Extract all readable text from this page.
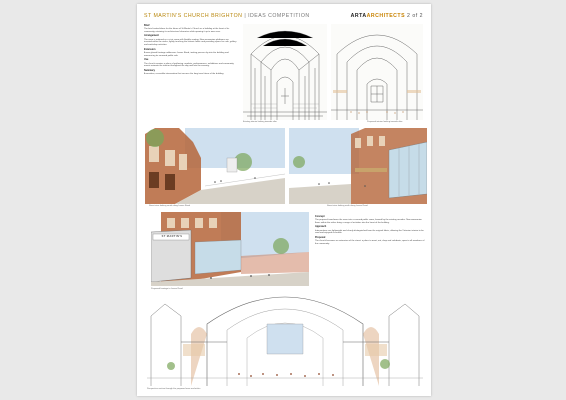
ST MARTIN'S CHURCH BRIGHTON | IDEAS COMPETITION	ARTAARCHITECTS 2 of 2
Brief

The brief invited ideas for the future of St Martin's Church as a building at the heart of its community, retaining its architectural character while opening it up to new uses.

Arrangement

The nave is retained as a civic room with flexible seating. New mezzanine platforms are inserted within the aisles, lightly touching the historic fabric and providing space for cafe, gallery and workshop activities.

Extension

A new glazed frontage addresses Lewes Road, inviting passers-by into the building and announcing its renewed public role.

Use

The church remains a place of gathering: markets, performances, exhibitions and community events animate the interior throughout the day and into the evening.

Summary

A sensitive, reversible intervention that secures the long term future of the building.

Existing interior looking towards altar	Proposed interior looking towards altar
Street view looking south along Lewes Road	Street view looking north along Lewes Road
ST MARTIN'S
Proposed frontage to Lewes Road
Concept

The proposal transforms the nave into a covered public room, framed by the existing arcades. New mezzanine floors within the aisles bring a range of activities into the heart of the building.

Approach

Interventions are lightweight and clearly distinguished from the original fabric, allowing the Victorian interior to be read and enjoyed as before.

Proposal

The church becomes an extension of the street: a place to meet, eat, shop and celebrate, open to all members of the community.

Perspective section through the proposed nave and aisles
